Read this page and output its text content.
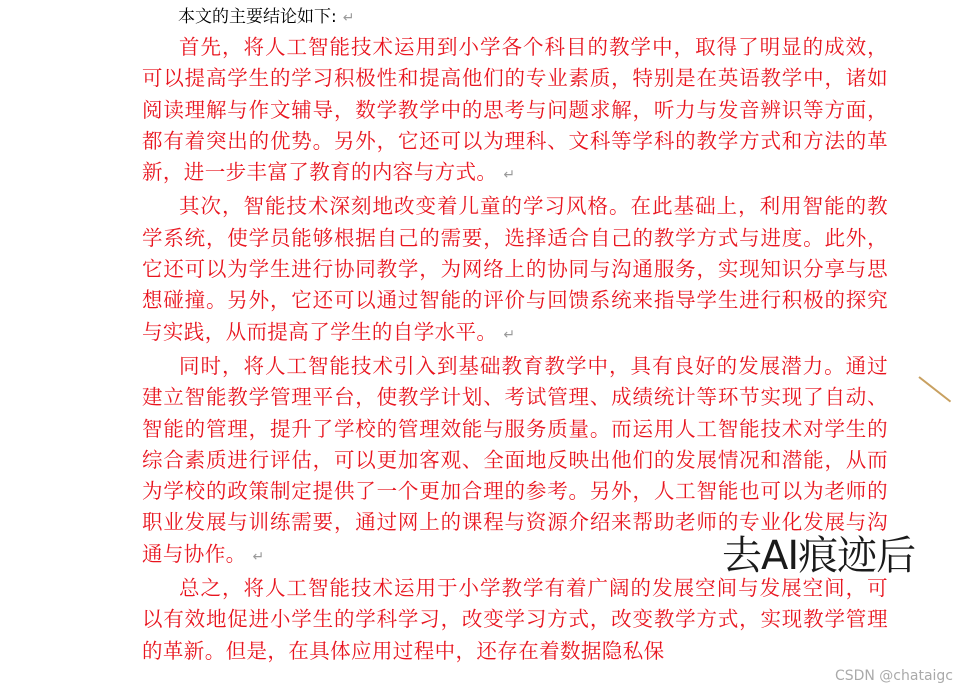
本文的主要结论如下: ↵

首先，将人工智能技术运用到小学各个科目的教学中，取得了明显的成效，可以提高学生的学习积极性和提高他们的专业素质，特别是在英语教学中，诸如阅读理解与作文辅导，数学教学中的思考与问题求解，听力与发音辨识等方面，都有着突出的优势。另外，它还可以为理科、文科等学科的教学方式和方法的革新，进一步丰富了教育的内容与方式。 ↵

其次，智能技术深刻地改变着儿童的学习风格。在此基础上，利用智能的教学系统，使学员能够根据自己的需要，选择适合自己的教学方式与进度。此外，它还可以为学生进行协同教学，为网络上的协同与沟通服务，实现知识分享与思想碰撞。另外，它还可以通过智能的评价与回馈系统来指导学生进行积极的探究与实践，从而提高了学生的自学水平。 ↵

同时，将人工智能技术引入到基础教育教学中，具有良好的发展潜力。通过建立智能教学管理平台，使教学计划、考试管理、成绩统计等环节实现了自动、智能的管理，提升了学校的管理效能与服务质量。而运用人工智能技术对学生的综合素质进行评估，可以更加客观、全面地反映出他们的发展情况和潜能，从而为学校的政策制定提供了一个更加合理的参考。另外，人工智能也可以为老师的职业发展与训练需要，通过网上的课程与资源介绍来帮助老师的专业化发展与沟通与协作。 ↵

总之，将人工智能技术运用于小学教学有着广阔的发展空间与发展空间，可以有效地促进小学生的学科学习，改变学习方式，改变教学方式，实现教学管理的革新。但是，在具体应用过程中，还存在着数据隐私保

去AI痕迹后
CSDN @chataigc
